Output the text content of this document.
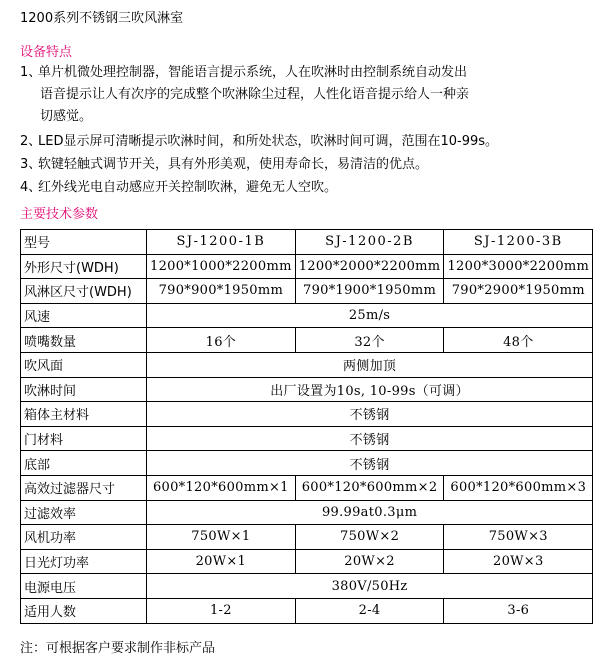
1200系列不锈钢三吹风淋室
设备特点
1、单片机微处理控制器，智能语言提示系统，人在吹淋时由控制系统自动发出
语音提示让人有次序的完成整个吹淋除尘过程，人性化语音提示给人一种亲
切感觉。
2、LED显示屏可清晰提示吹淋时间，和所处状态，吹淋时间可调，范围在10-99s。
3、软键轻触式调节开关，具有外形美观，使用寿命长，易清洁的优点。
4、红外线光电自动感应开关控制吹淋，避免无人空吹。
主要技术参数
型号	SJ-1200-1B	SJ-1200-2B	SJ-1200-3B
外形尺寸(WDH)	1200*1000*2200mm	1200*2000*2200mm	1200*3000*2200mm
风淋区尺寸(WDH)	790*900*1950mm	790*1900*1950mm	790*2900*1950mm
风速	25m/s		
喷嘴数量	16个	32个	48个
吹风面	两侧加顶		
吹淋时间	出厂设置为10s, 10-99s（可调）		
箱体主材料	不锈钢		
门材料	不锈钢		
底部	不锈钢		
高效过滤器尺寸	600*120*600mm×1	600*120*600mm×2	600*120*600mm×3
过滤效率	99.99at0.3μm		
风机功率	750W×1	750W×2	750W×3
日光灯功率	20W×1	20W×2	20W×3
电源电压	380V/50Hz		
适用人数	1-2	2-4	3-6
注：可根据客户要求制作非标产品
